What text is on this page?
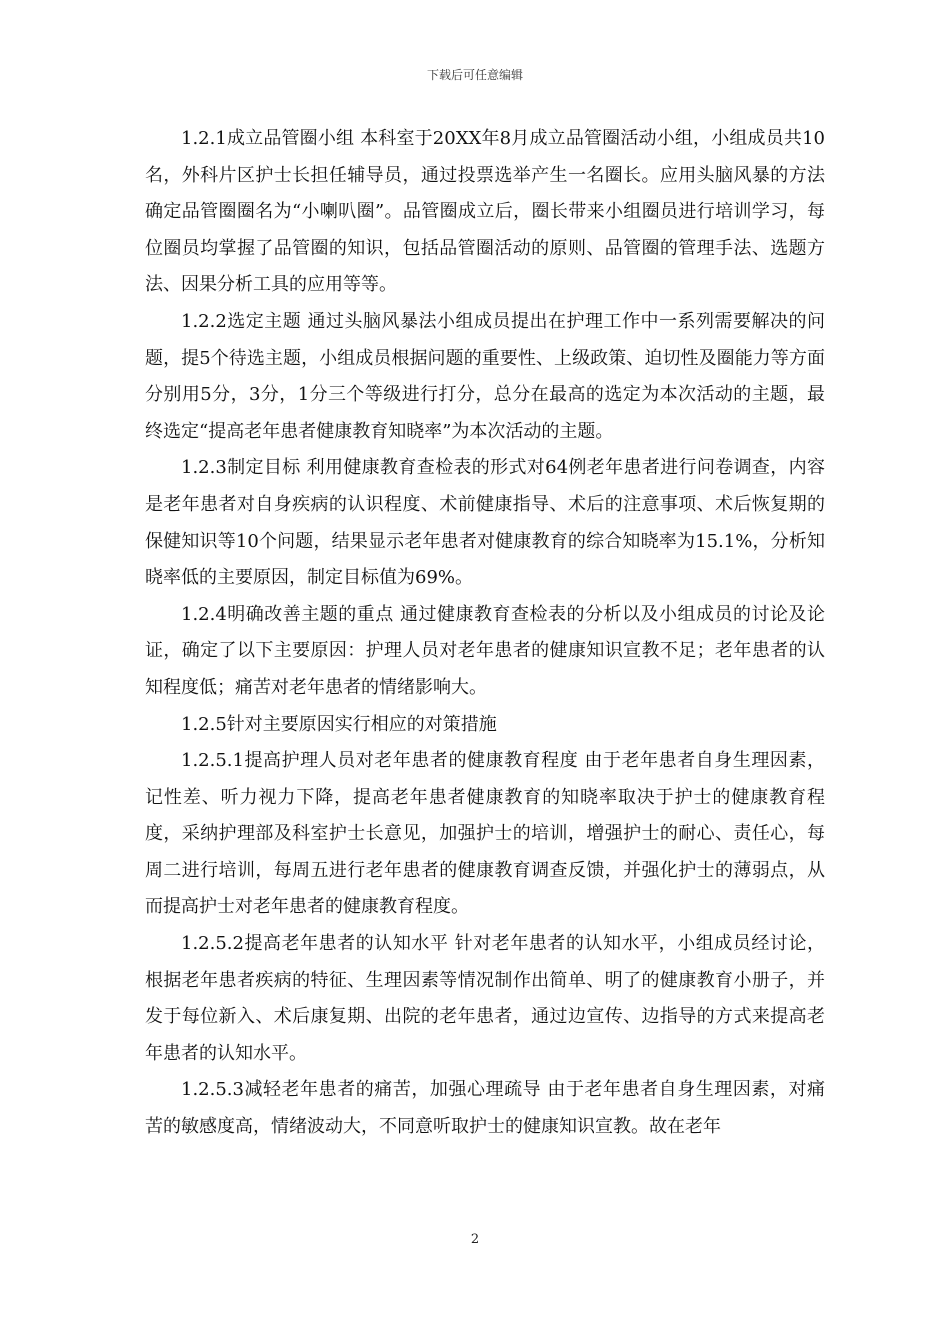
下载后可任意编辑

1.2.1成立品管圈小组 本科室于20XX年8月成立品管圈活动小组，小组成员共10名，外科片区护士长担任辅导员，通过投票选举产生一名圈长。应用头脑风暴的方法确定品管圈圈名为“小喇叭圈”。品管圈成立后，圈长带来小组圈员进行培训学习，每位圈员均掌握了品管圈的知识，包括品管圈活动的原则、品管圈的管理手法、选题方法、因果分析工具的应用等等。

1.2.2选定主题 通过头脑风暴法小组成员提出在护理工作中一系列需要解决的问题，提5个待选主题，小组成员根据问题的重要性、上级政策、迫切性及圈能力等方面分别用5分，3分，1分三个等级进行打分，总分在最高的选定为本次活动的主题，最终选定“提高老年患者健康教育知晓率”为本次活动的主题。

1.2.3制定目标 利用健康教育查检表的形式对64例老年患者进行问卷调查，内容是老年患者对自身疾病的认识程度、术前健康指导、术后的注意事项、术后恢复期的保健知识等10个问题，结果显示老年患者对健康教育的综合知晓率为15.1%，分析知晓率低的主要原因，制定目标值为69%。

1.2.4明确改善主题的重点 通过健康教育查检表的分析以及小组成员的讨论及论证，确定了以下主要原因：护理人员对老年患者的健康知识宣教不足；老年患者的认知程度低；痛苦对老年患者的情绪影响大。

1.2.5针对主要原因实行相应的对策措施

1.2.5.1提高护理人员对老年患者的健康教育程度 由于老年患者自身生理因素，记性差、听力视力下降，提高老年患者健康教育的知晓率取决于护士的健康教育程度，采纳护理部及科室护士长意见，加强护士的培训，增强护士的耐心、责任心，每周二进行培训，每周五进行老年患者的健康教育调查反馈，并强化护士的薄弱点，从而提高护士对老年患者的健康教育程度。

1.2.5.2提高老年患者的认知水平 针对老年患者的认知水平，小组成员经讨论，根据老年患者疾病的特征、生理因素等情况制作出简单、明了的健康教育小册子，并发于每位新入、术后康复期、出院的老年患者，通过边宣传、边指导的方式来提高老年患者的认知水平。

1.2.5.3减轻老年患者的痛苦，加强心理疏导 由于老年患者自身生理因素，对痛苦的敏感度高，情绪波动大，不同意听取护士的健康知识宣教。故在老年

2
